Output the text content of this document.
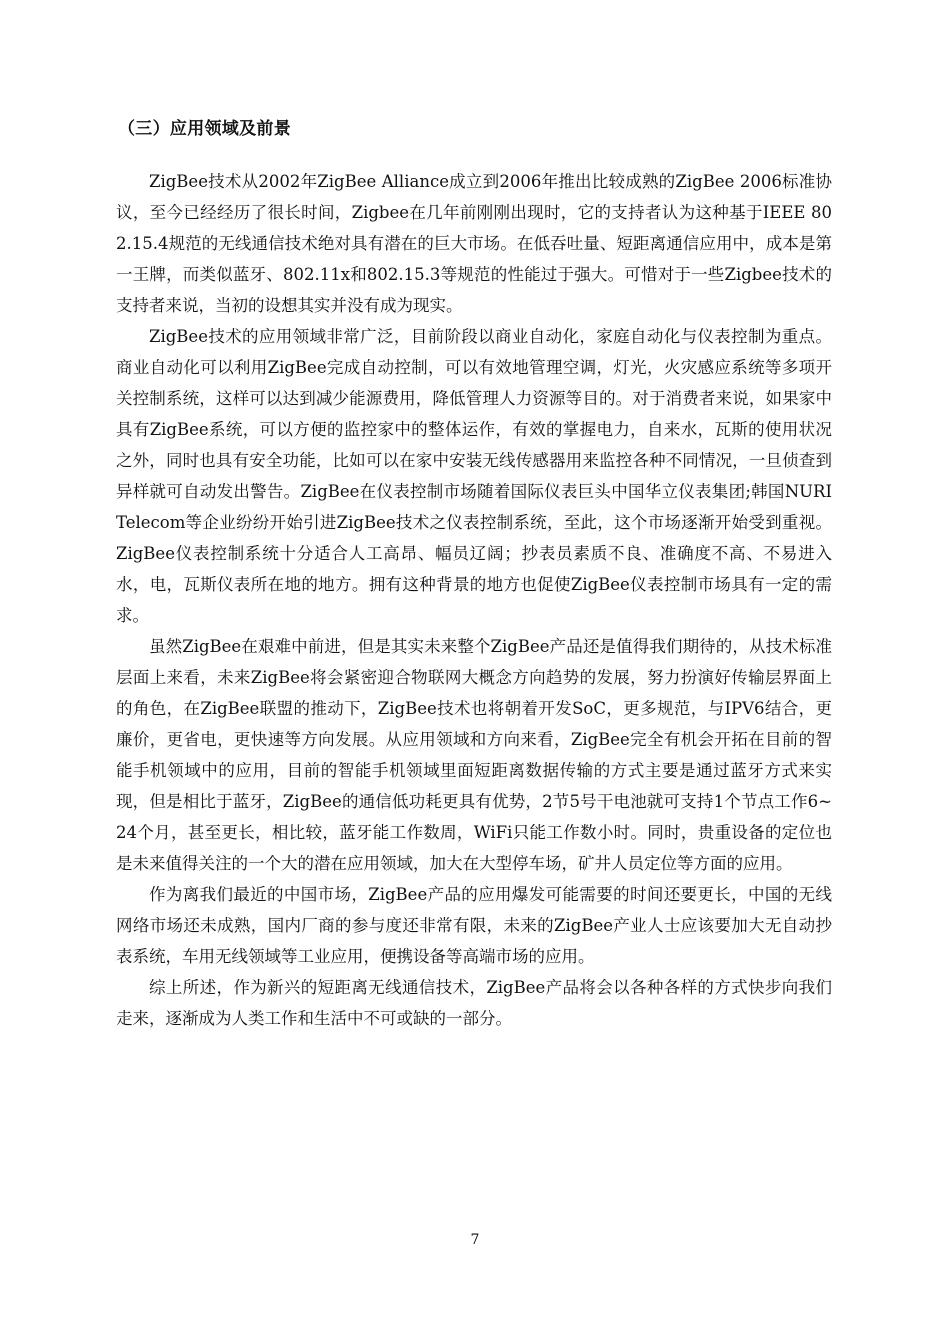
（三）应用领域及前景

ZigBee技术从2002年ZigBee Alliance成立到2006年推出比较成熟的ZigBee 2006标准协议，至今已经经历了很长时间，Zigbee在几年前刚刚出现时，它的支持者认为这种基于IEEE 802.15.4规范的无线通信技术绝对具有潜在的巨大市场。在低吞吐量、短距离通信应用中，成本是第一王牌，而类似蓝牙、802.11x和802.15.3等规范的性能过于强大。可惜对于一些Zigbee技术的支持者来说，当初的设想其实并没有成为现实。

ZigBee技术的应用领域非常广泛，目前阶段以商业自动化，家庭自动化与仪表控制为重点。商业自动化可以利用ZigBee完成自动控制，可以有效地管理空调，灯光，火灾感应系统等多项开关控制系统，这样可以达到减少能源费用，降低管理人力资源等目的。对于消费者来说，如果家中具有ZigBee系统，可以方便的监控家中的整体运作，有效的掌握电力，自来水，瓦斯的使用状况之外，同时也具有安全功能，比如可以在家中安装无线传感器用来监控各种不同情况，一旦侦查到异样就可自动发出警告。ZigBee在仪表控制市场随着国际仪表巨头中国华立仪表集团;韩国NURI Telecom等企业纷纷开始引进ZigBee技术之仪表控制系统，至此，这个市场逐渐开始受到重视。ZigBee仪表控制系统十分适合人工高昂、幅员辽阔；抄表员素质不良、准确度不高、不易进入水，电，瓦斯仪表所在地的地方。拥有这种背景的地方也促使ZigBee仪表控制市场具有一定的需求。

虽然ZigBee在艰难中前进，但是其实未来整个ZigBee产品还是值得我们期待的，从技术标准层面上来看，未来ZigBee将会紧密迎合物联网大概念方向趋势的发展，努力扮演好传输层界面上的角色，在ZigBee联盟的推动下，ZigBee技术也将朝着开发SoC，更多规范，与IPV6结合，更廉价，更省电，更快速等方向发展。从应用领域和方向来看，ZigBee完全有机会开拓在目前的智能手机领域中的应用，目前的智能手机领域里面短距离数据传输的方式主要是通过蓝牙方式来实现，但是相比于蓝牙，ZigBee的通信低功耗更具有优势，2节5号干电池就可支持1个节点工作6~24个月，甚至更长，相比较，蓝牙能工作数周，WiFi只能工作数小时。同时，贵重设备的定位也是未来值得关注的一个大的潜在应用领域，加大在大型停车场，矿井人员定位等方面的应用。

作为离我们最近的中国市场，ZigBee产品的应用爆发可能需要的时间还要更长，中国的无线网络市场还未成熟，国内厂商的参与度还非常有限，未来的ZigBee产业人士应该要加大无自动抄表系统，车用无线领域等工业应用，便携设备等高端市场的应用。

综上所述，作为新兴的短距离无线通信技术，ZigBee产品将会以各种各样的方式快步向我们走来，逐渐成为人类工作和生活中不可或缺的一部分。

7
